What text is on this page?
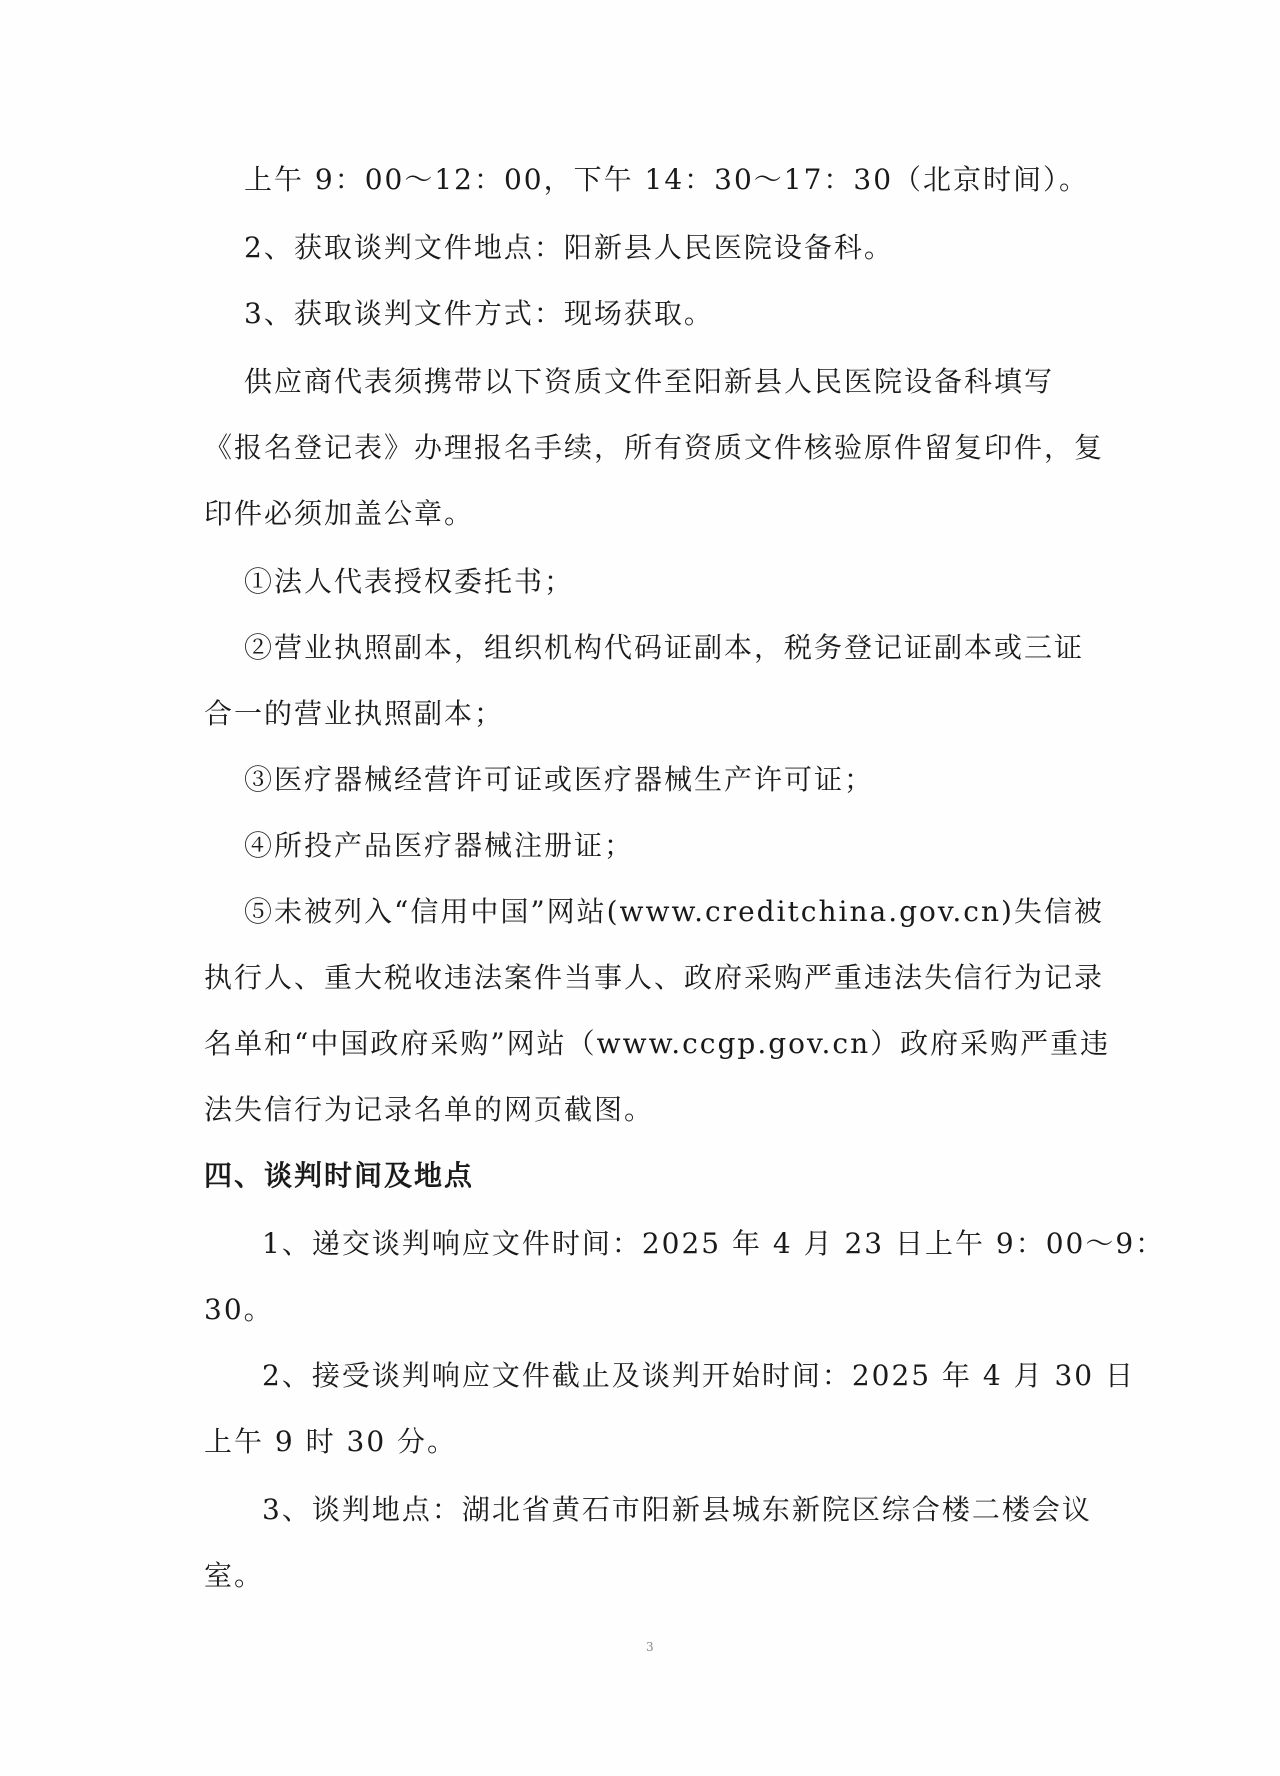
上午 9：00～12：00，下午 14：30～17：30（北京时间）。
2、获取谈判文件地点：阳新县人民医院设备科。
3、获取谈判文件方式：现场获取。
供应商代表须携带以下资质文件至阳新县人民医院设备科填写
《报名登记表》办理报名手续，所有资质文件核验原件留复印件，复
印件必须加盖公章。
①法人代表授权委托书；
②营业执照副本，组织机构代码证副本，税务登记证副本或三证
合一的营业执照副本；
③医疗器械经营许可证或医疗器械生产许可证；
④所投产品医疗器械注册证；
⑤未被列入“信用中国”网站(www.creditchina.gov.cn)失信被
执行人、重大税收违法案件当事人、政府采购严重违法失信行为记录
名单和“中国政府采购”网站（www.ccgp.gov.cn）政府采购严重违
法失信行为记录名单的网页截图。
四、谈判时间及地点
1、递交谈判响应文件时间：2025 年 4 月 23 日上午 9：00～9：
30。
2、接受谈判响应文件截止及谈判开始时间：2025 年 4 月 30 日
上午 9 时 30 分。
3、谈判地点：湖北省黄石市阳新县城东新院区综合楼二楼会议
室。
3
